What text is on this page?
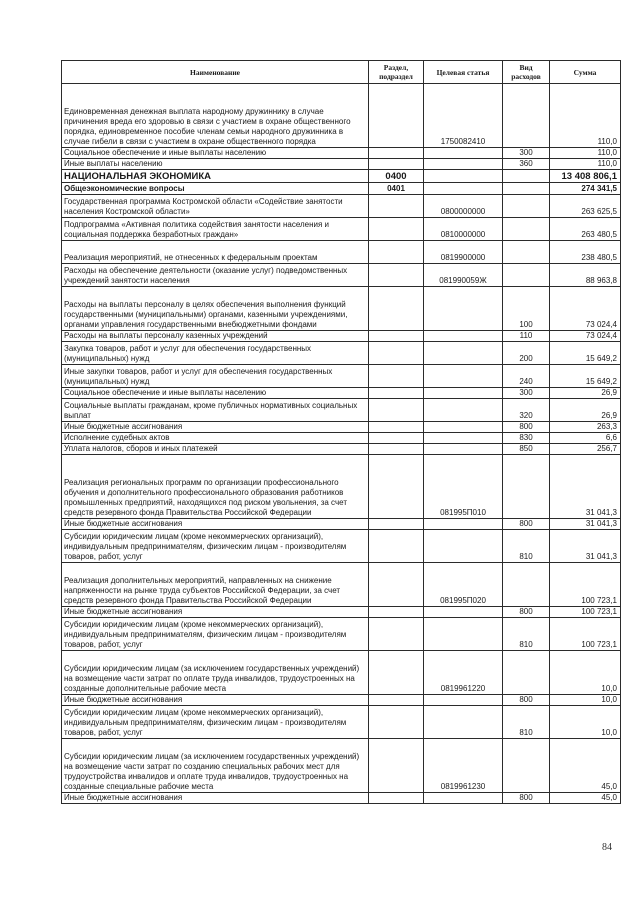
Наименование	Раздел, подраздел	Целевая статья	Вид расходов	Сумма
Единовременная денежная выплата народному дружиннику в случае причинения вреда его здоровью в связи с участием в охране общественного порядка, единовременное пособие членам семьи народного дружинника в случае гибели в связи с участием в охране общественного порядка		1750082410		110,0
Социальное обеспечение и иные выплаты населению			300	110,0
Иные выплаты населению			360	110,0
НАЦИОНАЛЬНАЯ ЭКОНОМИКА	0400			13 408 806,1
Общеэкономические вопросы	0401			274 341,5
Государственная программа Костромской области «Содействие занятости населения Костромской области»		0800000000		263 625,5
Подпрограмма «Активная политика содействия занятости населения и социальная поддержка безработных граждан»		0810000000		263 480,5
Реализация мероприятий, не отнесенных к федеральным проектам		0819900000		238 480,5
Расходы на обеспечение деятельности (оказание услуг) подведомственных учреждений занятости населения		081990059Ж		88 963,8
Расходы на выплаты персоналу в целях обеспечения выполнения функций государственными (муниципальными) органами, казенными учреждениями, органами управления государственными внебюджетными фондами			100	73 024,4
Расходы на выплаты персоналу казенных учреждений			110	73 024,4
Закупка товаров, работ и услуг для обеспечения государственных (муниципальных) нужд			200	15 649,2
Иные закупки товаров, работ и услуг для обеспечения государственных (муниципальных) нужд			240	15 649,2
Социальное обеспечение и иные выплаты населению			300	26,9
Социальные выплаты гражданам, кроме публичных нормативных социальных выплат			320	26,9
Иные бюджетные ассигнования			800	263,3
Исполнение судебных актов			830	6,6
Уплата налогов, сборов и иных платежей			850	256,7
Реализация региональных программ по организации профессионального обучения и дополнительного профессионального образования работников промышленных предприятий, находящихся под риском увольнения, за счет средств резервного фонда Правительства Российской Федерации		081995П010		31 041,3
Иные бюджетные ассигнования			800	31 041,3
Субсидии юридическим лицам (кроме некоммерческих организаций), индивидуальным предпринимателям, физическим лицам - производителям товаров, работ, услуг			810	31 041,3
Реализация дополнительных мероприятий, направленных на снижение напряженности на рынке труда субъектов Российской Федерации, за счет средств резервного фонда Правительства Российской Федерации		081995П020		100 723,1
Иные бюджетные ассигнования			800	100 723,1
Субсидии юридическим лицам (кроме некоммерческих организаций), индивидуальным предпринимателям, физическим лицам - производителям товаров, работ, услуг			810	100 723,1
Субсидии юридическим лицам (за исключением государственных учреждений) на возмещение части затрат по оплате труда инвалидов, трудоустроенных на созданные дополнительные рабочие места		0819961220		10,0
Иные бюджетные ассигнования			800	10,0
Субсидии юридическим лицам (кроме некоммерческих организаций), индивидуальным предпринимателям, физическим лицам - производителям товаров, работ, услуг			810	10,0
Субсидии юридическим лицам (за исключением государственных учреждений) на возмещение части затрат по созданию специальных рабочих мест для трудоустройства инвалидов и оплате труда инвалидов, трудоустроенных на созданные специальные рабочие места		0819961230		45,0
Иные бюджетные ассигнования			800	45,0
84
